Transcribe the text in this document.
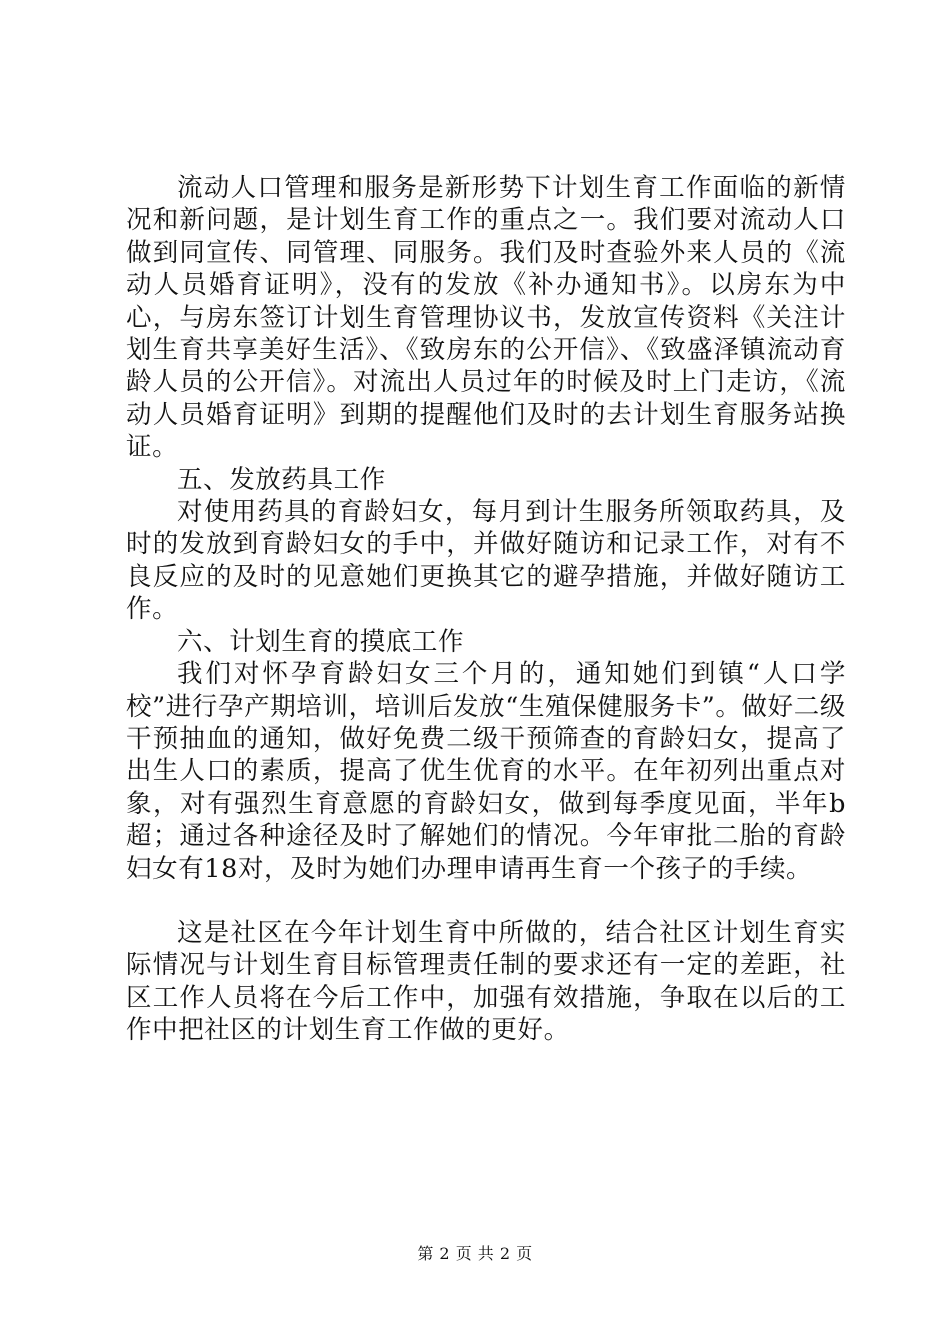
流动人口管理和服务是新形势下计划生育工作面临的新情况和新问题，是计划生育工作的重点之一。我们要对流动人口做到同宣传、同管理、同服务。我们及时查验外来人员的《流动人员婚育证明》，没有的发放《补办通知书》。以房东为中心，与房东签订计划生育管理协议书，发放宣传资料《关注计划生育共享美好生活》、《致房东的公开信》、《致盛泽镇流动育龄人员的公开信》。对流出人员过年的时候及时上门走访，《流动人员婚育证明》到期的提醒他们及时的去计划生育服务站换证。

五、发放药具工作

对使用药具的育龄妇女，每月到计生服务所领取药具，及时的发放到育龄妇女的手中，并做好随访和记录工作，对有不良反应的及时的见意她们更换其它的避孕措施，并做好随访工作。

六、计划生育的摸底工作

我们对怀孕育龄妇女三个月的，通知她们到镇“人口学校”进行孕产期培训，培训后发放“生殖保健服务卡”。做好二级干预抽血的通知，做好免费二级干预筛查的育龄妇女，提高了出生人口的素质，提高了优生优育的水平。在年初列出重点对象，对有强烈生育意愿的育龄妇女，做到每季度见面，半年b超；通过各种途径及时了解她们的情况。今年审批二胎的育龄妇女有18对，及时为她们办理申请再生育一个孩子的手续。

这是社区在今年计划生育中所做的，结合社区计划生育实际情况与计划生育目标管理责任制的要求还有一定的差距，社区工作人员将在今后工作中，加强有效措施，争取在以后的工作中把社区的计划生育工作做的更好。

第 2 页 共 2 页
